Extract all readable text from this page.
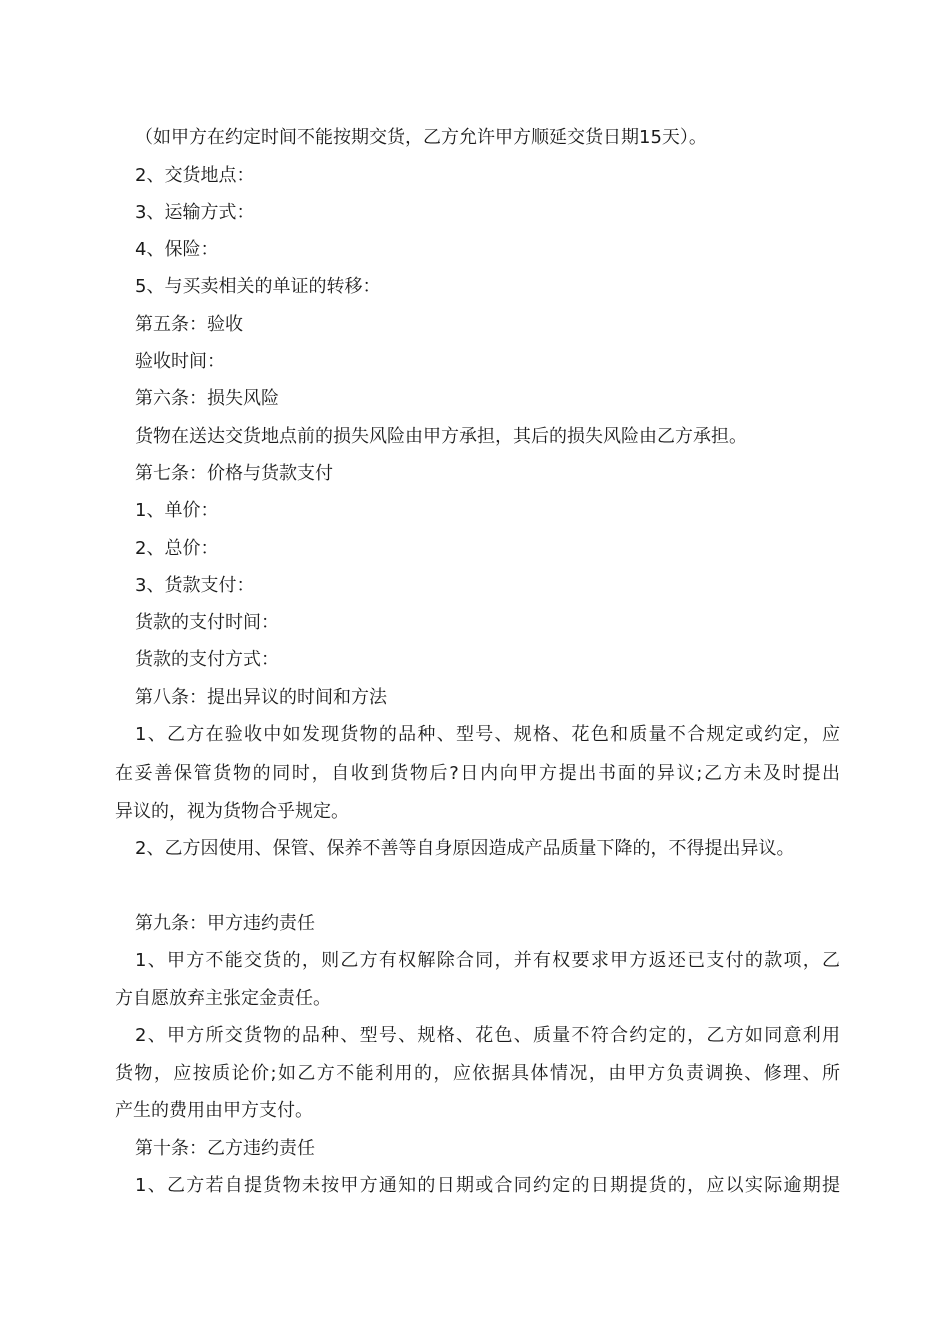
（如甲方在约定时间不能按期交货，乙方允许甲方顺延交货日期15天）。
2、交货地点：
3、运输方式：
4、保险：
5、与买卖相关的单证的转移：
第五条：验收
验收时间：
第六条：损失风险
货物在送达交货地点前的损失风险由甲方承担，其后的损失风险由乙方承担。
第七条：价格与货款支付
1、单价：
2、总价：
3、货款支付：
货款的支付时间：
货款的支付方式：
第八条：提出异议的时间和方法
1、乙方在验收中如发现货物的品种、型号、规格、花色和质量不合规定或约定，应
在妥善保管货物的同时，自收到货物后?日内向甲方提出书面的异议;乙方未及时提出
异议的，视为货物合乎规定。
2、乙方因使用、保管、保养不善等自身原因造成产品质量下降的，不得提出异议。
第九条：甲方违约责任
1、甲方不能交货的，则乙方有权解除合同，并有权要求甲方返还已支付的款项，乙
方自愿放弃主张定金责任。
2、甲方所交货物的品种、型号、规格、花色、质量不符合约定的，乙方如同意利用
货物，应按质论价;如乙方不能利用的，应依据具体情况，由甲方负责调换、修理、所
产生的费用由甲方支付。
第十条：乙方违约责任
1、乙方若自提货物未按甲方通知的日期或合同约定的日期提货的，应以实际逾期提
